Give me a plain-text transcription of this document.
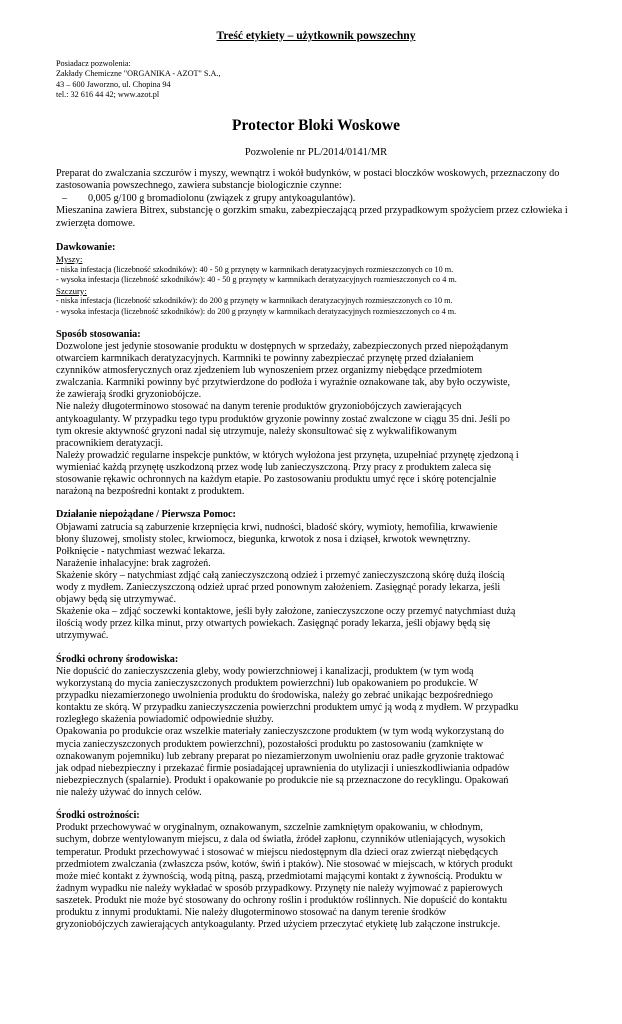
Treść etykiety – użytkownik powszechny
Posiadacz pozwolenia:
Zakłady Chemiczne "ORGANIKA - AZOT" S.A.,
43 – 600 Jaworzno, ul. Chopina 94
tel.: 32 616 44 42; www.azot.pl
Protector Bloki Woskowe
Pozwolenie nr PL/2014/0141/MR
Preparat do zwalczania szczurów i myszy, wewnątrz i wokół budynków, w postaci bloczków woskowych, przeznaczony do zastosowania powszechnego, zawiera substancje biologicznie czynne:
– 0,005 g/100 g bromadiolonu (związek z grupy antykoagulantów).
Mieszanina zawiera Bitrex, substancję o gorzkim smaku, zabezpieczającą przed przypadkowym spożyciem przez człowieka i zwierzęta domowe.
Dawkowanie:
Myszy:
- niska infestacja (liczebność szkodników): 40 - 50 g przynęty w karmnikach deratyzacyjnych rozmieszczonych co 10 m.
- wysoka infestacja (liczebność szkodników): 40 - 50 g przynęty w karmnikach deratyzacyjnych rozmieszczonych co 4 m.
Szczury:
- niska infestacja (liczebność szkodników): do 200 g przynęty w karmnikach deratyzacyjnych rozmieszczonych co 10 m.
- wysoka infestacja (liczebność szkodników): do 200 g przynęty w karmnikach deratyzacyjnych rozmieszczonych co 4 m.
Sposób stosowania:
Dozwolone jest jedynie stosowanie produktu w dostępnych w sprzedaży, zabezpieczonych przed niepożądanym
otwarciem karmnikach deratyzacyjnych. Karmniki te powinny zabezpieczać przynętę przed działaniem
czynników atmosferycznych oraz zjedzeniem lub wynoszeniem przez organizmy niebędące przedmiotem
zwalczania. Karmniki powinny być przytwierdzone do podłoża i wyraźnie oznakowane tak, aby było oczywiste,
że zawierają środki gryzoniobójcze.
Nie należy długoterminowo stosować na danym terenie produktów gryzoniobójczych zawierających
antykoagulanty. W przypadku tego typu produktów gryzonie powinny zostać zwalczone w ciągu 35 dni. Jeśli po
tym okresie aktywność gryzoni nadal się utrzymuje, należy skonsultować się z wykwalifikowanym
pracownikiem deratyzacji.
Należy prowadzić regularne inspekcje punktów, w których wyłożona jest przynęta, uzupełniać przynętę zjedzoną i
wymieniać każdą przynętę uszkodzoną przez wodę lub zanieczyszczoną. Przy pracy z produktem zaleca się
stosowanie rękawic ochronnych na każdym etapie. Po zastosowaniu produktu umyć ręce i skórę potencjalnie
narażoną na bezpośredni kontakt z produktem.
Działanie niepożądane / Pierwsza Pomoc:
Objawami zatrucia są zaburzenie krzepnięcia krwi, nudności, bladość skóry, wymioty, hemofilia, krwawienie
błony śluzowej, smolisty stolec, krwiomocz, biegunka, krwotok z nosa i dziąseł, krwotok wewnętrzny.
Połknięcie - natychmiast wezwać lekarza.
Narażenie inhalacyjne: brak zagrożeń.
Skażenie skóry – natychmiast zdjąć całą zanieczyszczoną odzież i przemyć zanieczyszczoną skórę dużą ilością
wody z mydłem. Zanieczyszczoną odzież uprać przed ponownym założeniem. Zasięgnąć porady lekarza, jeśli
objawy będą się utrzymywać.
Skażenie oka – zdjąć soczewki kontaktowe, jeśli były założone, zanieczyszczone oczy przemyć natychmiast dużą
ilością wody przez kilka minut, przy otwartych powiekach. Zasięgnąć porady lekarza, jeśli objawy będą się
utrzymywać.
Środki ochrony środowiska:
Nie dopuścić do zanieczyszczenia gleby, wody powierzchniowej i kanalizacji, produktem (w tym wodą
wykorzystaną do mycia zanieczyszczonych produktem powierzchni) lub opakowaniem po produkcie. W
przypadku niezamierzonego uwolnienia produktu do środowiska, należy go zebrać unikając bezpośredniego
kontaktu ze skórą. W przypadku zanieczyszczenia powierzchni produktem umyć ją wodą z mydłem. W przypadku
rozległego skażenia powiadomić odpowiednie służby.
Opakowania po produkcie oraz wszelkie materiały zanieczyszczone produktem (w tym wodą wykorzystaną do
mycia zanieczyszczonych produktem powierzchni), pozostałości produktu po zastosowaniu (zamknięte w
oznakowanym pojemniku) lub zebrany preparat po niezamierzonym uwolnieniu oraz padłe gryzonie traktować
jak odpad niebezpieczny i przekazać firmie posiadającej uprawnienia do utylizacji i unieszkodliwiania odpadów
niebezpiecznych (spalarnie). Produkt i opakowanie po produkcie nie są przeznaczone do recyklingu. Opakowań
nie należy używać do innych celów.
Środki ostrożności:
Produkt przechowywać w oryginalnym, oznakowanym, szczelnie zamkniętym opakowaniu, w chłodnym,
suchym, dobrze wentylowanym miejscu, z dala od światła, źródeł zapłonu, czynników utleniających, wysokich
temperatur. Produkt przechowywać i stosować w miejscu niedostępnym dla dzieci oraz zwierząt niebędących
przedmiotem zwalczania (zwłaszcza psów, kotów, świń i ptaków). Nie stosować w miejscach, w których produkt
może mieć kontakt z żywnością, wodą pitną, paszą, przedmiotami mającymi kontakt z żywnością. Produktu w
żadnym wypadku nie należy wykładać w sposób przypadkowy. Przynęty nie należy wyjmować z papierowych
saszetek. Produkt nie może być stosowany do ochrony roślin i produktów roślinnych. Nie dopuścić do kontaktu
produktu z innymi produktami. Nie należy długoterminowo stosować na danym terenie środków
gryzoniobójczych zawierających antykoagulanty. Przed użyciem przeczytać etykietę lub załączone instrukcje.
